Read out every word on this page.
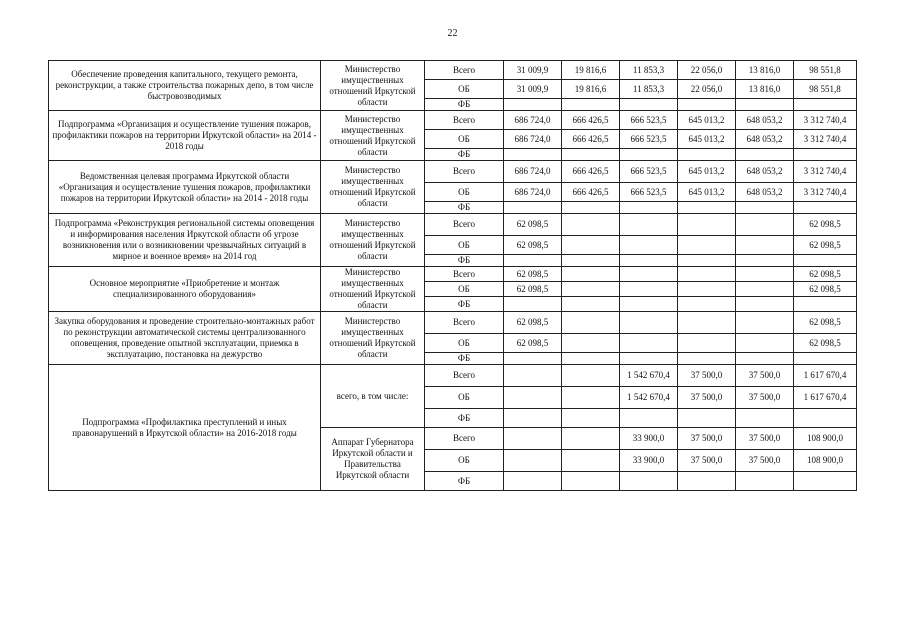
22
Обеспечение проведения капитального, текущего ремонта, реконструкции, а также строительства пожарных депо, в том числе быстровозводимых	Министерство имущественных отношений Иркутской области	Всего	31 009,9	19 816,6	11 853,3	22 056,0	13 816,0	98 551,8
		ОБ	31 009,9	19 816,6	11 853,3	22 056,0	13 816,0	98 551,8
		ФБ						
Подпрограмма «Организация и осуществление тушения пожаров, профилактики пожаров на территории Иркутской области» на 2014 - 2018 годы	Министерство имущественных отношений Иркутской области	Всего	686 724,0	666 426,5	666 523,5	645 013,2	648 053,2	3 312 740,4
		ОБ	686 724,0	666 426,5	666 523,5	645 013,2	648 053,2	3 312 740,4
		ФБ						
Ведомственная целевая программа Иркутской области «Организация и осуществление тушения пожаров, профилактики пожаров на территории Иркутской области» на 2014 - 2018 годы	Министерство имущественных отношений Иркутской области	Всего	686 724,0	666 426,5	666 523,5	645 013,2	648 053,2	3 312 740,4
		ОБ	686 724,0	666 426,5	666 523,5	645 013,2	648 053,2	3 312 740,4
		ФБ						
Подпрограмма «Реконструкция региональной системы оповещения и информирования населения Иркутской области об угрозе возникновения или о возникновении чрезвычайных ситуаций в мирное и военное время» на 2014 год	Министерство имущественных отношений Иркутской области	Всего	62 098,5					62 098,5
		ОБ	62 098,5					62 098,5
		ФБ						
Основное мероприятие «Приобретение и монтаж специализированного оборудования»	Министерство имущественных отношений Иркутской области	Всего	62 098,5					62 098,5
		ОБ	62 098,5					62 098,5
		ФБ						
Закупка оборудования и проведение строительно-монтажных работ по реконструкции автоматической системы централизованного оповещения, проведение опытной эксплуатации, приемка в эксплуатацию, постановка на дежурство	Министерство имущественных отношений Иркутской области	Всего	62 098,5					62 098,5
		ОБ	62 098,5					62 098,5
		ФБ						
Подпрограмма «Профилактика преступлений и иных правонарушений в Иркутской области» на 2016-2018 годы	всего, в том числе:	Всего			1 542 670,4	37 500,0	37 500,0	1 617 670,4
		ОБ			1 542 670,4	37 500,0	37 500,0	1 617 670,4
		ФБ						
	Аппарат Губернатора Иркутской области и Правительства Иркутской области	Всего			33 900,0	37 500,0	37 500,0	108 900,0
		ОБ			33 900,0	37 500,0	37 500,0	108 900,0
		ФБ						
